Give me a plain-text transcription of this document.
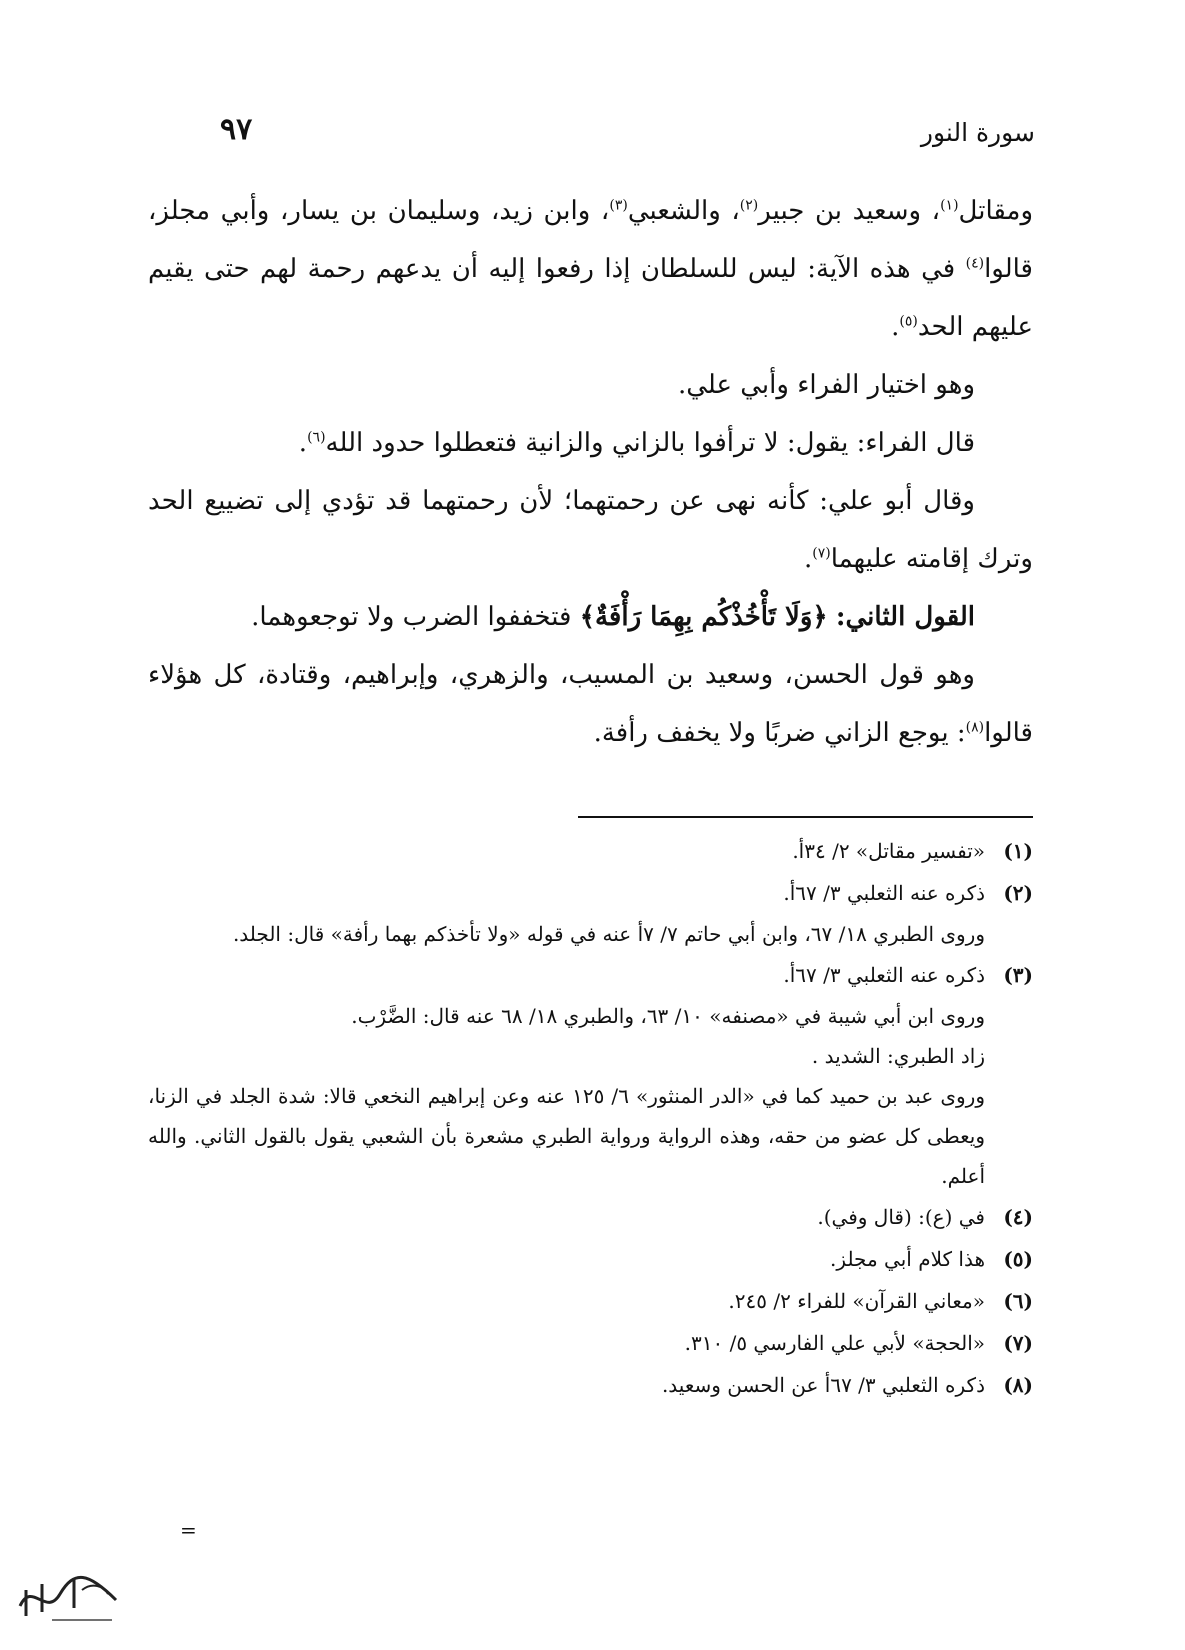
سورة النور
٩٧

ومقاتل$^{(١)}$، وسعيد بن جبير$^{(٢)}$، والشعبي$^{(٣)}$، وابن زيد، وسليمان بن يسار، وأبي مجلز، قالوا$^{(٤)}$ في هذه الآية: ليس للسلطان إذا رفعوا إليه أن يدعهم رحمة لهم حتى يقيم عليهم الحد$^{(٥)}$.

وهو اختيار الفراء وأبي علي.

قال الفراء: يقول: لا ترأفوا بالزاني والزانية فتعطلوا حدود الله$^{(٦)}$.

وقال أبو علي: كأنه نهى عن رحمتهما؛ لأن رحمتهما قد تؤدي إلى تضييع الحد وترك إقامته عليهما$^{(٧)}$.

القول الثاني: ﴿وَلَا تَأْخُذْكُم بِهِمَا رَأْفَةٌ﴾ فتخففوا الضرب ولا توجعوهما.

وهو قول الحسن، وسعيد بن المسيب، والزهري، وإبراهيم، وقتادة، كل هؤلاء قالوا$^{(٨)}$: يوجع الزاني ضربًا ولا يخفف رأفة.

(١)
«تفسير مقاتل» ٢/ ٣٤أ.
(٢)
ذكره عنه الثعلبي ٣/ ٦٧أ.
وروى الطبري ١٨/ ٦٧، وابن أبي حاتم ٧/ ٧أ عنه في قوله «ولا تأخذكم بهما رأفة» قال: الجلد.
(٣)
ذكره عنه الثعلبي ٣/ ٦٧أ.
وروى ابن أبي شيبة في «مصنفه» ١٠/ ٦٣، والطبري ١٨/ ٦٨ عنه قال: الضَّرْب.
زاد الطبري: الشديد .
وروى عبد بن حميد كما في «الدر المنثور» ٦/ ١٢٥ عنه وعن إبراهيم النخعي قالا: شدة الجلد في الزنا، ويعطى كل عضو من حقه، وهذه الرواية ورواية الطبري مشعرة بأن الشعبي يقول بالقول الثاني. والله أعلم.
(٤)
في (ع): (قال وفي).
(٥)
هذا كلام أبي مجلز.
(٦)
«معاني القرآن» للفراء ٢/ ٢٤٥.
(٧)
«الحجة» لأبي علي الفارسي ٥/ ٣١٠.
(٨)
ذكره الثعلبي ٣/ ٦٧أ عن الحسن وسعيد.
=
